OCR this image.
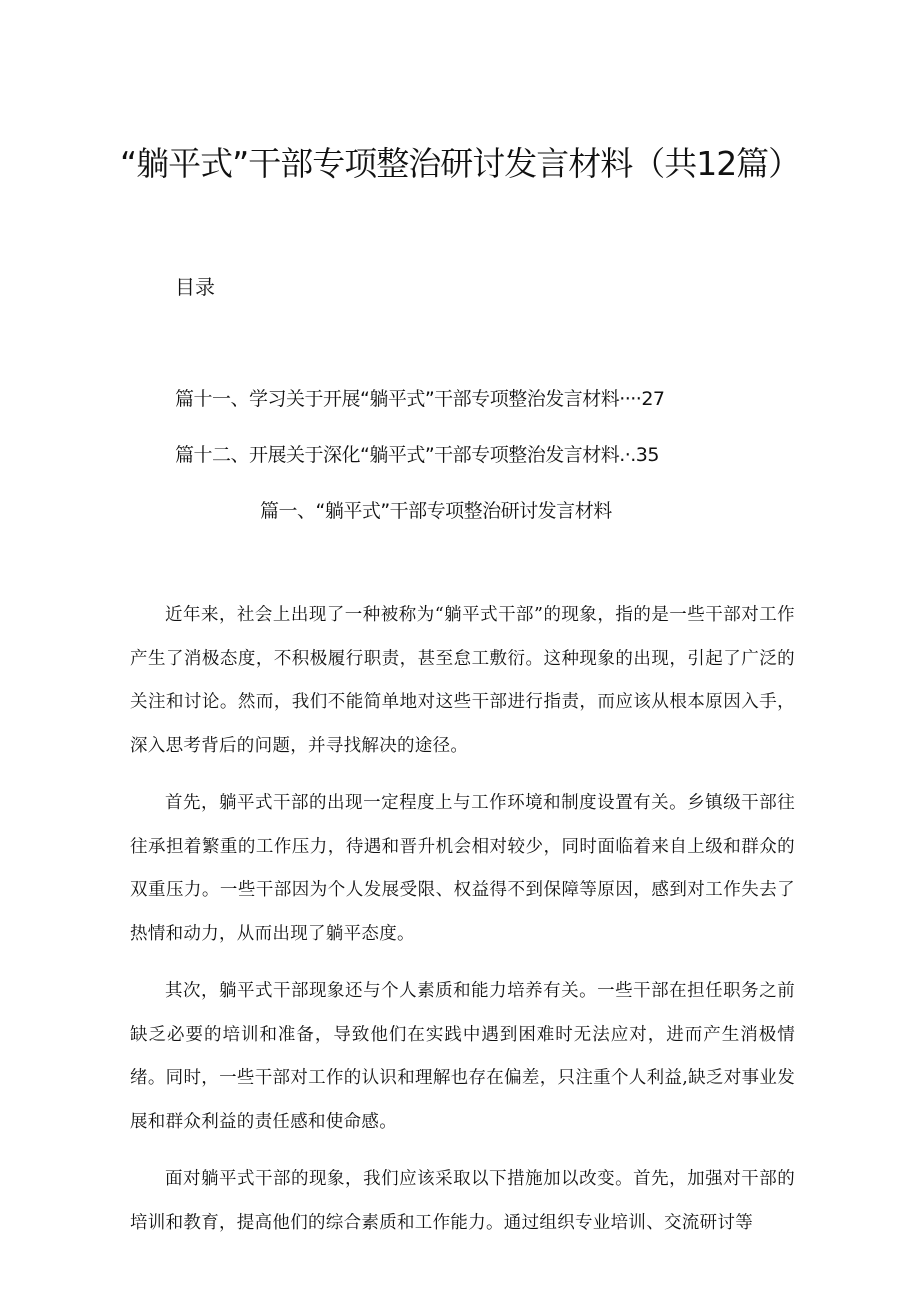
“躺平式”干部专项整治研讨发言材料（共12篇）
目录
篇十一、学习关于开展“躺平式”干部专项整治发言材料····27
篇十二、开展关于深化“躺平式”干部专项整治发言材料.·.35
篇一、“躺平式”干部专项整治研讨发言材料

近年来，社会上出现了一种被称为“躺平式干部”的现象，指的是一些干部对工作产生了消极态度，不积极履行职责，甚至怠工敷衍。这种现象的出现，引起了广泛的关注和讨论。然而，我们不能简单地对这些干部进行指责，而应该从根本原因入手，深入思考背后的问题，并寻找解决的途径。

首先，躺平式干部的出现一定程度上与工作环境和制度设置有关。乡镇级干部往往承担着繁重的工作压力，待遇和晋升机会相对较少，同时面临着来自上级和群众的双重压力。一些干部因为个人发展受限、权益得不到保障等原因，感到对工作失去了热情和动力，从而出现了躺平态度。

其次，躺平式干部现象还与个人素质和能力培养有关。一些干部在担任职务之前缺乏必要的培训和准备，导致他们在实践中遇到困难时无法应对，进而产生消极情绪。同时，一些干部对工作的认识和理解也存在偏差，只注重个人利益,缺乏对事业发展和群众利益的责任感和使命感。

面对躺平式干部的现象，我们应该采取以下措施加以改变。首先，加强对干部的培训和教育，提高他们的综合素质和工作能力。通过组织专业培训、交流研讨等
